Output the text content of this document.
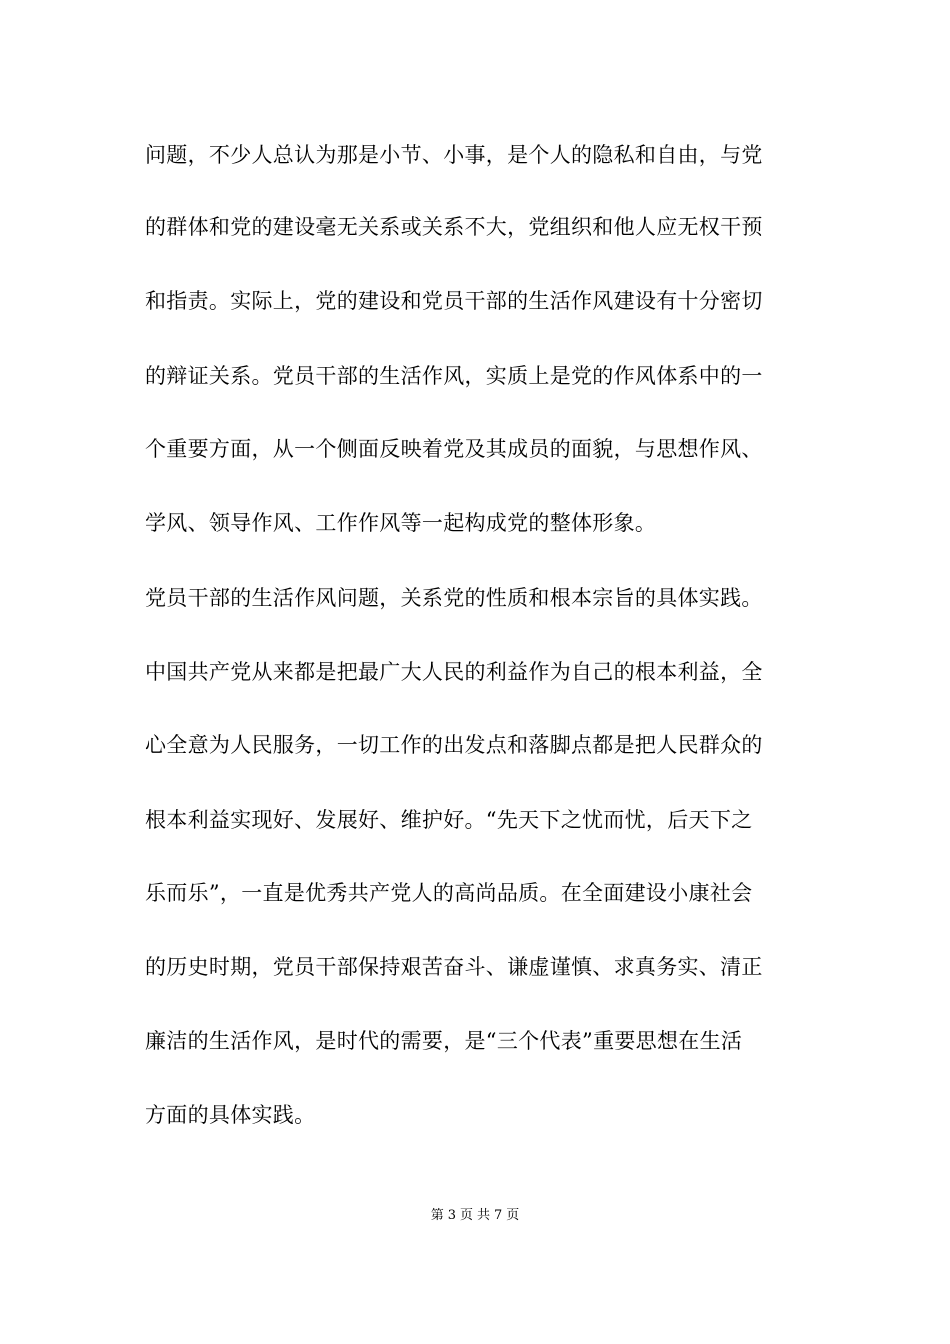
问题，不少人总认为那是小节、小事，是个人的隐私和自由，与党
的群体和党的建设毫无关系或关系不大，党组织和他人应无权干预
和指责。实际上，党的建设和党员干部的生活作风建设有十分密切
的辩证关系。党员干部的生活作风，实质上是党的作风体系中的一
个重要方面，从一个侧面反映着党及其成员的面貌，与思想作风、
学风、领导作风、工作作风等一起构成党的整体形象。
党员干部的生活作风问题，关系党的性质和根本宗旨的具体实践。
中国共产党从来都是把最广大人民的利益作为自己的根本利益，全
心全意为人民服务，一切工作的出发点和落脚点都是把人民群众的
根本利益实现好、发展好、维护好。“先天下之忧而忧，后天下之
乐而乐”，一直是优秀共产党人的高尚品质。在全面建设小康社会
的历史时期，党员干部保持艰苦奋斗、谦虚谨慎、求真务实、清正
廉洁的生活作风，是时代的需要，是“三个代表”重要思想在生活
方面的具体实践。
第 3 页 共 7 页
